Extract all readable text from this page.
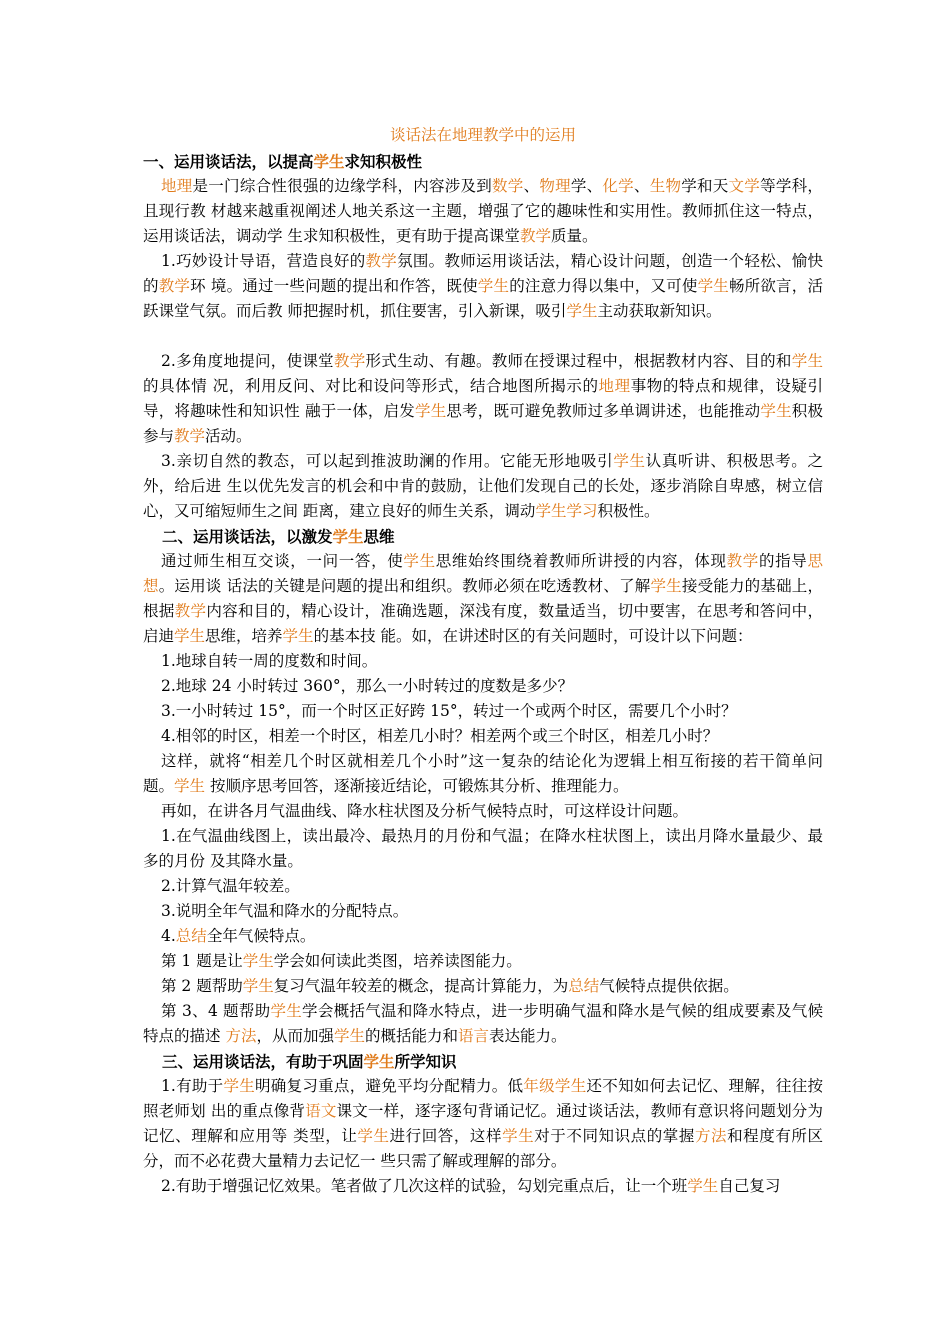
谈话法在地理教学中的运用

一、运用谈话法，以提高学生求知积极性

地理是一门综合性很强的边缘学科，内容涉及到数学、物理学、化学、生物学和天文学等学科，且现行教 材越来越重视阐述人地关系这一主题，增强了它的趣味性和实用性。教师抓住这一特点，运用谈话法，调动学 生求知积极性，更有助于提高课堂教学质量。

1.巧妙设计导语，营造良好的教学氛围。教师运用谈话法，精心设计问题，创造一个轻松、愉快的教学环 境。通过一些问题的提出和作答，既使学生的注意力得以集中，又可使学生畅所欲言，活跃课堂气氛。而后教 师把握时机，抓住要害，引入新课，吸引学生主动获取新知识。

2.多角度地提问，使课堂教学形式生动、有趣。教师在授课过程中，根据教材内容、目的和学生的具体情 况，利用反问、对比和设问等形式，结合地图所揭示的地理事物的特点和规律，设疑引导，将趣味性和知识性 融于一体，启发学生思考，既可避免教师过多单调讲述，也能推动学生积极参与教学活动。

3.亲切自然的教态，可以起到推波助澜的作用。它能无形地吸引学生认真听讲、积极思考。之外，给后进 生以优先发言的机会和中肯的鼓励，让他们发现自己的长处，逐步消除自卑感，树立信心，又可缩短师生之间 距离，建立良好的师生关系，调动学生学习积极性。

二、运用谈话法，以激发学生思维

通过师生相互交谈，一问一答，使学生思维始终围绕着教师所讲授的内容，体现教学的指导思想。运用谈 话法的关键是问题的提出和组织。教师必须在吃透教材、了解学生接受能力的基础上，根据教学内容和目的，精心设计，准确选题，深浅有度，数量适当，切中要害，在思考和答问中，启迪学生思维，培养学生的基本技 能。如，在讲述时区的有关问题时，可设计以下问题：

1.地球自转一周的度数和时间。

2.地球 24 小时转过 360°，那么一小时转过的度数是多少？

3.一小时转过 15°，而一个时区正好跨 15°，转过一个或两个时区，需要几个小时？

4.相邻的时区，相差一个时区，相差几小时？相差两个或三个时区，相差几小时？

这样，就将“相差几个时区就相差几个小时”这一复杂的结论化为逻辑上相互衔接的若干简单问题。学生 按顺序思考回答，逐渐接近结论，可锻炼其分析、推理能力。

再如，在讲各月气温曲线、降水柱状图及分析气候特点时，可这样设计问题。

1.在气温曲线图上，读出最冷、最热月的月份和气温；在降水柱状图上，读出月降水量最少、最多的月份 及其降水量。

2.计算气温年较差。

3.说明全年气温和降水的分配特点。

4.总结全年气候特点。

第 1 题是让学生学会如何读此类图，培养读图能力。

第 2 题帮助学生复习气温年较差的概念，提高计算能力，为总结气候特点提供依据。

第 3、4 题帮助学生学会概括气温和降水特点，进一步明确气温和降水是气候的组成要素及气候特点的描述 方法，从而加强学生的概括能力和语言表达能力。

三、运用谈话法，有助于巩固学生所学知识

1.有助于学生明确复习重点，避免平均分配精力。低年级学生还不知如何去记忆、理解，往往按照老师划 出的重点像背语文课文一样，逐字逐句背诵记忆。通过谈话法，教师有意识将问题划分为记忆、理解和应用等 类型，让学生进行回答，这样学生对于不同知识点的掌握方法和程度有所区分，而不必花费大量精力去记忆一 些只需了解或理解的部分。

2.有助于增强记忆效果。笔者做了几次这样的试验，勾划完重点后，让一个班学生自己复习
